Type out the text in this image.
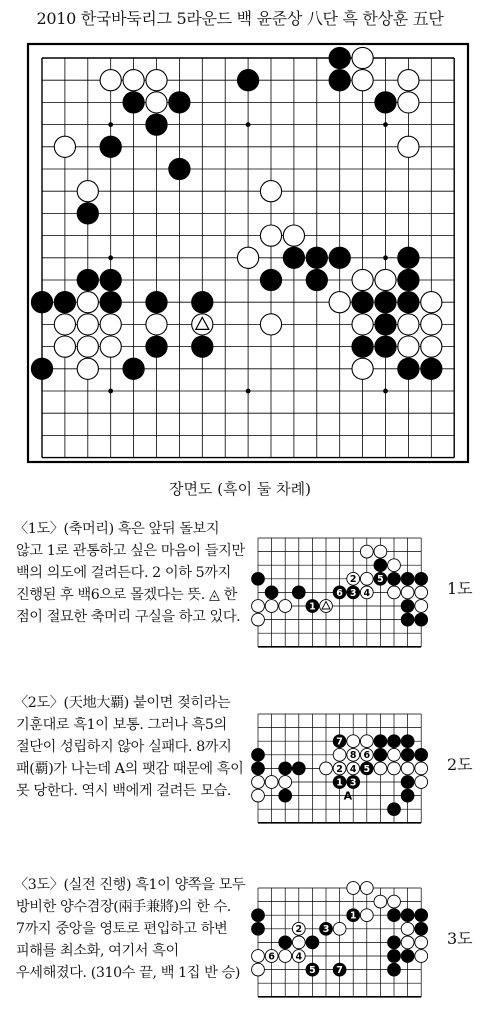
2010 한국바둑리그 5라운드 백 윤준상 八단 흑 한상훈 五단
장면도 (흑이 둘 차례)
〈1도〉(축머리) 흑은 앞뒤 돌보지 않고 1로 관통하고 싶은 마음이 들지만 백의 의도에 걸려든다. 2 이하 5까지 진행된 후 백6으로 몰겠다는 뜻. ◬ 한 점이 절묘한 축머리 구실을 하고 있다.
5
1
2
4
6 3	1도
〈2도〉(天地大覇) 붙이면 젖히라는 기훈대로 흑1이 보통. 그러나 흑5의 절단이 성립하지 않아 실패다. 8까지 패(覇)가 나는데 A의 팻감 때문에 흑이 못 당한다. 역시 백에게 걸려든 모습.
2
8 6
4
1 3
5
7
A
2도
〈3도〉(실전 진행) 흑1이 양쪽을 모두 방비한 양수겸장(兩手兼將)의 한 수. 7까지 중앙을 영토로 편입하고 하변 피해를 최소화, 여기서 흑이 우세해졌다. (310수 끝, 백 1집 반 승)
6
2
4
1
3
5 7
3도
